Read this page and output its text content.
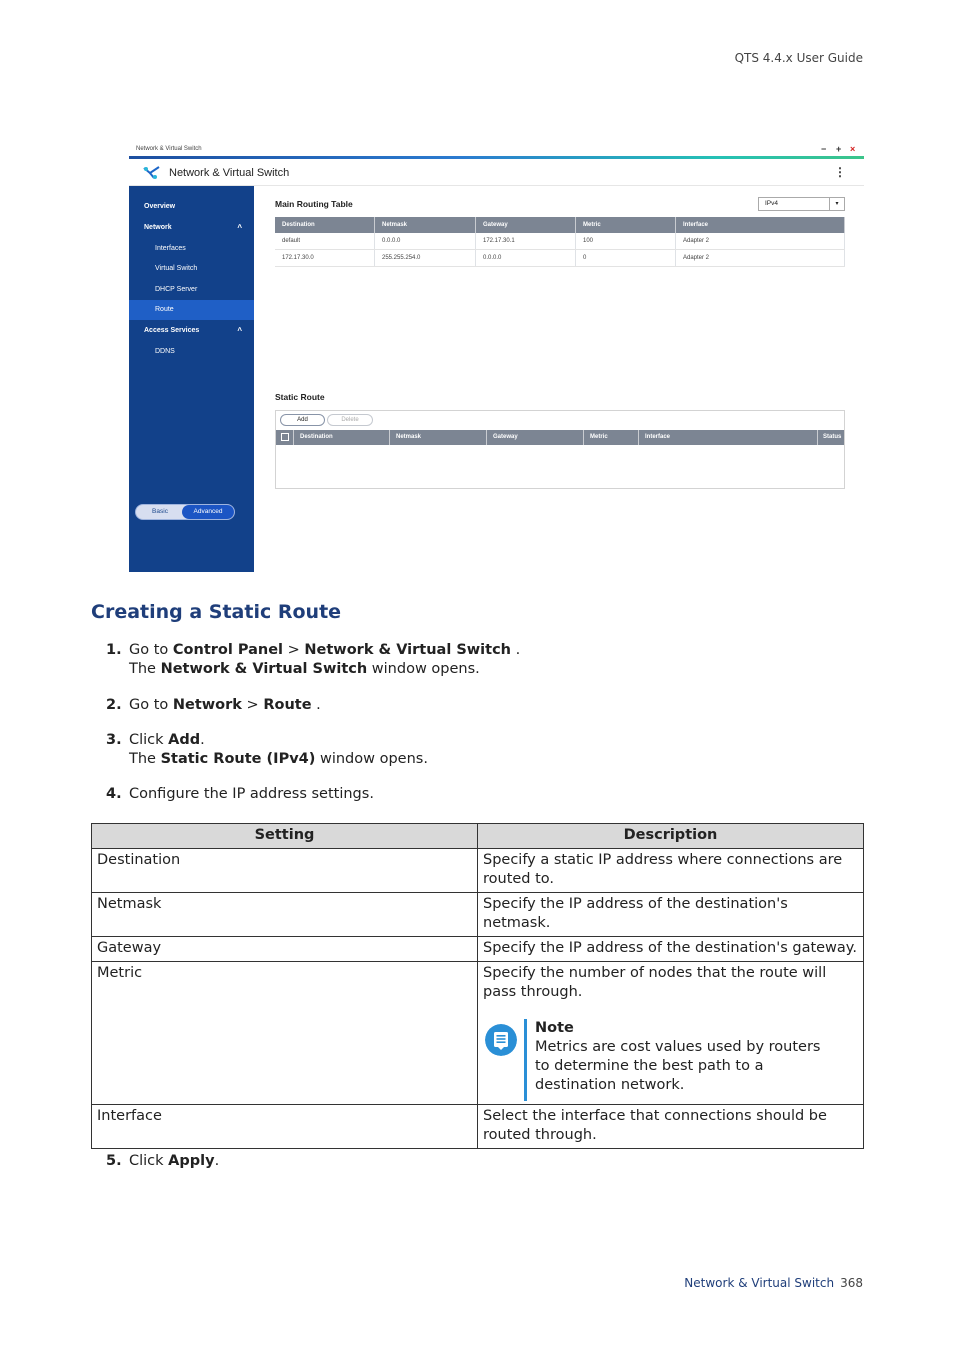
QTS 4.4.x User Guide
Network & Virtual Switch	− + ×
Network & Virtual Switch	⋮
Overview
Network	^
Interfaces
Virtual Switch
DHCP Server
Route
Access Services	^
DDNS
Basic	Advanced
Main Routing Table	IPv4	▾
Destination	Netmask	Gateway	Metric	Interface
default	0.0.0.0	172.17.30.1	100	Adapter 2
172.17.30.0	255.255.254.0	0.0.0.0	0	Adapter 2
Static Route
Add	Delete
Destination	Netmask	Gateway	Metric	Interface	Status
Creating a Static Route
1. Go to Control Panel > Network & Virtual Switch .
The Network & Virtual Switch window opens.
2. Go to Network > Route .
3. Click Add.
The Static Route (IPv4) window opens.
4. Configure the IP address settings.
Setting	Description
Destination	Specify a static IP address where connections are routed to.
Netmask	Specify the IP address of the destination's netmask.
Gateway	Specify the IP address of the destination's gateway.
Metric	Specify the number of nodes that the route will pass through.
Note
Metrics are cost values used by routers to determine the best path to a destination network.

Interface	Select the interface that connections should be routed through.
5. Click Apply.
Network & Virtual Switch 368
